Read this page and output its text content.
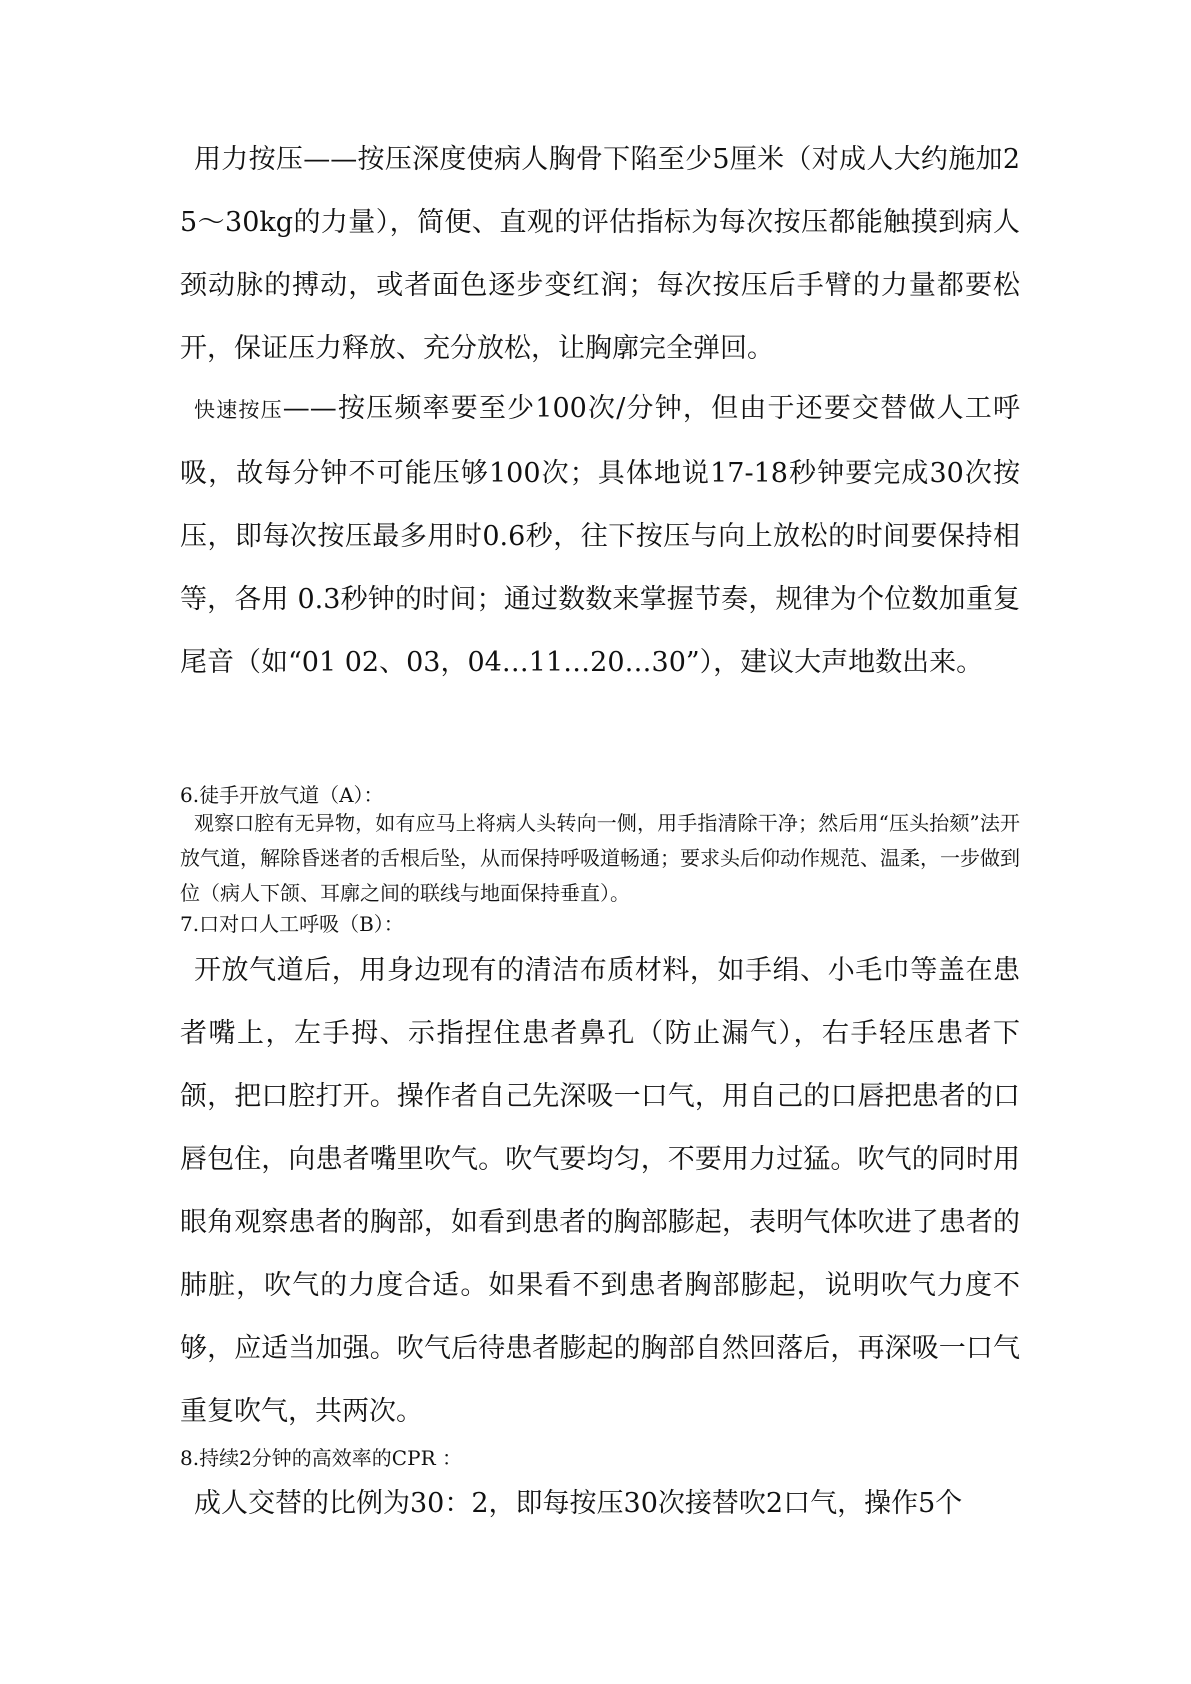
用力按压——按压深度使病人胸骨下陷至少5厘米（对成人大约施加25～30kg的力量），简便、直观的评估指标为每次按压都能触摸到病人颈动脉的搏动，或者面色逐步变红润；每次按压后手臂的力量都要松开，保证压力释放、充分放松，让胸廓完全弹回。

快速按压——按压频率要至少100次/分钟，但由于还要交替做人工呼吸，故每分钟不可能压够100次；具体地说17-18秒钟要完成30次按压，即每次按压最多用时0.6秒，往下按压与向上放松的时间要保持相等，各用 0.3秒钟的时间；通过数数来掌握节奏，规律为个位数加重复尾音（如“01 02、03，04…11…20…30”），建议大声地数出来。

6.徒手开放气道（A）：

观察口腔有无异物，如有应马上将病人头转向一侧，用手指清除干净；然后用“压头抬颏”法开放气道，解除昏迷者的舌根后坠，从而保持呼吸道畅通；要求头后仰动作规范、温柔，一步做到位（病人下颌、耳廓之间的联线与地面保持垂直）。

7.口对口人工呼吸（B）：

开放气道后，用身边现有的清洁布质材料，如手绢、小毛巾等盖在患者嘴上，左手拇、示指捏住患者鼻孔（防止漏气），右手轻压患者下颌，把口腔打开。操作者自己先深吸一口气，用自己的口唇把患者的口唇包住，向患者嘴里吹气。吹气要均匀，不要用力过猛。吹气的同时用眼角观察患者的胸部，如看到患者的胸部膨起，表明气体吹进了患者的肺脏，吹气的力度合适。如果看不到患者胸部膨起，说明吹气力度不够，应适当加强。吹气后待患者膨起的胸部自然回落后，再深吸一口气重复吹气，共两次。

8.持续2分钟的高效率的CPR ：

成人交替的比例为30：2，即每按压30次接替吹2口气，操作5个
